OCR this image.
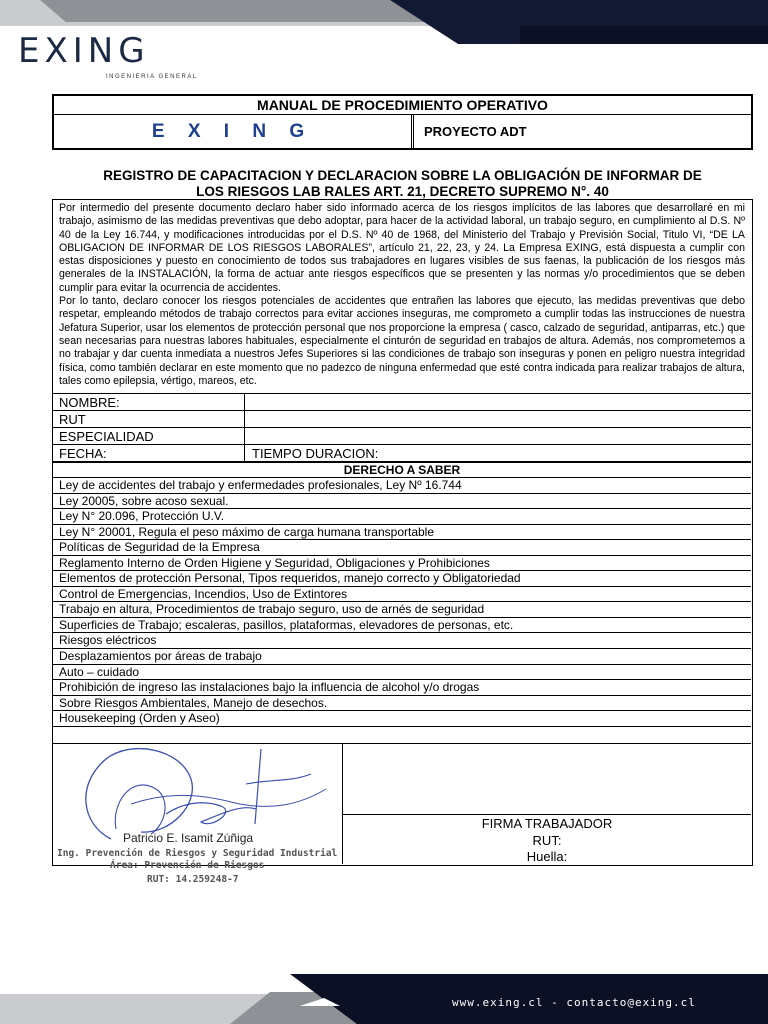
EXING
INGENIERIA GENERAL
MANUAL DE PROCEDIMIENTO OPERATIVO
E X I N G	PROYECTO ADT
REGISTRO DE CAPACITACION Y DECLARACION SOBRE LA OBLIGACIÓN DE INFORMAR DE
LOS RIESGOS LAB RALES ART. 21, DECRETO SUPREMO N°. 40

Por intermedio del presente documento declaro haber sido informado acerca de los riesgos implícitos de las labores que desarrollaré en mi trabajo, asimismo de las medidas preventivas que debo adoptar, para hacer de la actividad laboral, un trabajo seguro, en cumplimiento al D.S. Nº 40 de la Ley 16.744, y modificaciones introducidas por el D.S. Nº 40 de 1968, del Ministerio del Trabajo y Previsión Social, Titulo VI, “DE LA OBLIGACION DE INFORMAR DE LOS RIESGOS LABORALES”, artículo 21, 22, 23, y 24. La Empresa EXING, está dispuesta a cumplir con estas disposiciones y puesto en conocimiento de todos sus trabajadores en lugares visibles de sus faenas, la publicación de los riesgos más generales de la INSTALACIÓN, la forma de actuar ante riesgos específicos que se presenten y las normas y/o procedimientos que se deben cumplir para evitar la ocurrencia de accidentes.

Por lo tanto, declaro conocer los riesgos potenciales de accidentes que entrañen las labores que ejecuto, las medidas preventivas que debo respetar, empleando métodos de trabajo correctos para evitar acciones inseguras, me comprometo a cumplir todas las instrucciones de nuestra Jefatura Superior, usar los elementos de protección personal que nos proporcione la empresa ( casco, calzado de seguridad, antiparras, etc.) que sean necesarias para nuestras labores habituales, especialmente el cinturón de seguridad en trabajos de altura. Además, nos comprometemos a no trabajar y dar cuenta inmediata a nuestros Jefes Superiores si las condiciones de trabajo son inseguras y ponen en peligro nuestra integridad física, como también declarar en este momento que no padezco de ninguna enfermedad que esté contra indicada para realizar trabajos de altura, tales como epilepsia, vértigo, mareos, etc.

NOMBRE:
RUT
ESPECIALIDAD
FECHA:	TIEMPO DURACION:
DERECHO A SABER
Ley de accidentes del trabajo y enfermedades profesionales, Ley Nº 16.744
Ley 20005, sobre acoso sexual.
Ley N° 20.096, Protección U.V.
Ley N° 20001, Regula el peso máximo de carga humana transportable
Políticas de Seguridad de la Empresa
Reglamento Interno de Orden Higiene y Seguridad, Obligaciones y Prohibiciones
Elementos de protección Personal, Tipos requeridos, manejo correcto y Obligatoriedad
Control de Emergencias, Incendios, Uso de Extintores
Trabajo en altura, Procedimientos de trabajo seguro, uso de arnés de seguridad
Superficies de Trabajo; escaleras, pasillos, plataformas, elevadores de personas, etc.
Riesgos eléctricos
Desplazamientos por áreas de trabajo
Auto – cuidado
Prohibición de ingreso las instalaciones bajo la influencia de alcohol y/o drogas
Sobre Riesgos Ambientales, Manejo de desechos.
Housekeeping (Orden y Aseo)
Patricio E. Isamit Zúñiga
Ing. Prevención de Riesgos y Seguridad Industrial
FIRMA TRABAJADOR
RUT:
Huella:
Área: Prevención de Riesgos
RUT: 14.259248-7
www.exing.cl - contacto@exing.cl
